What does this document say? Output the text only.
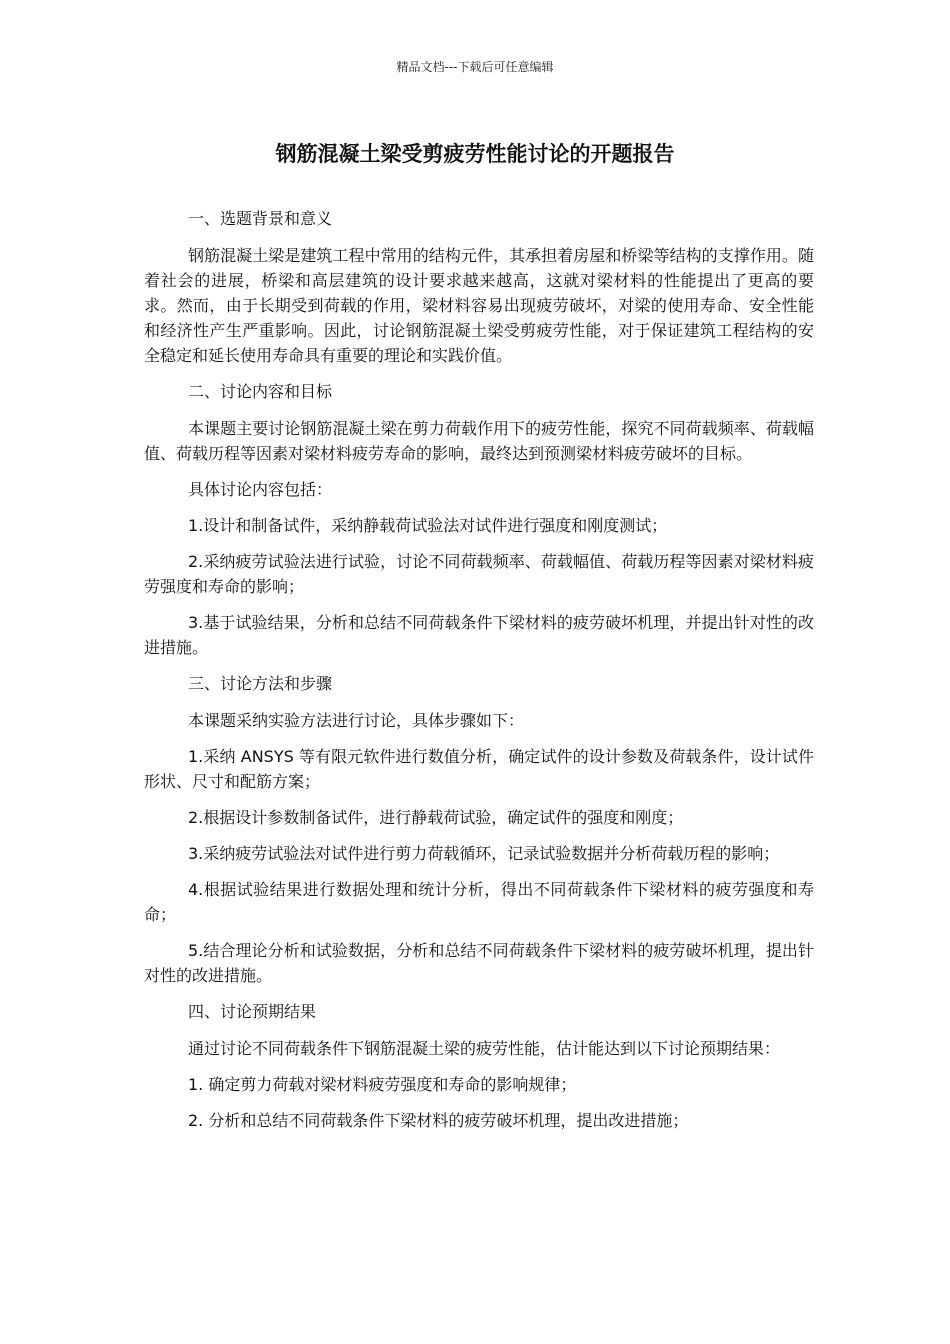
精品文档---下载后可任意编辑
钢筋混凝土梁受剪疲劳性能讨论的开题报告

一、选题背景和意义

钢筋混凝土梁是建筑工程中常用的结构元件，其承担着房屋和桥梁等结构的支撑作用。随着社会的进展，桥梁和高层建筑的设计要求越来越高，这就对梁材料的性能提出了更高的要求。然而，由于长期受到荷载的作用，梁材料容易出现疲劳破坏，对梁的使用寿命、安全性能和经济性产生严重影响。因此，讨论钢筋混凝土梁受剪疲劳性能，对于保证建筑工程结构的安全稳定和延长使用寿命具有重要的理论和实践价值。

二、讨论内容和目标

本课题主要讨论钢筋混凝土梁在剪力荷载作用下的疲劳性能，探究不同荷载频率、荷载幅值、荷载历程等因素对梁材料疲劳寿命的影响，最终达到预测梁材料疲劳破坏的目标。

具体讨论内容包括：

1.设计和制备试件，采纳静载荷试验法对试件进行强度和刚度测试；

2.采纳疲劳试验法进行试验，讨论不同荷载频率、荷载幅值、荷载历程等因素对梁材料疲劳强度和寿命的影响；

3.基于试验结果，分析和总结不同荷载条件下梁材料的疲劳破坏机理，并提出针对性的改进措施。

三、讨论方法和步骤

本课题采纳实验方法进行讨论，具体步骤如下：

1.采纳 ANSYS 等有限元软件进行数值分析，确定试件的设计参数及荷载条件，设计试件形状、尺寸和配筋方案；

2.根据设计参数制备试件，进行静载荷试验，确定试件的强度和刚度；

3.采纳疲劳试验法对试件进行剪力荷载循环，记录试验数据并分析荷载历程的影响；

4.根据试验结果进行数据处理和统计分析，得出不同荷载条件下梁材料的疲劳强度和寿命；

5.结合理论分析和试验数据，分析和总结不同荷载条件下梁材料的疲劳破坏机理，提出针对性的改进措施。

四、讨论预期结果

通过讨论不同荷载条件下钢筋混凝土梁的疲劳性能，估计能达到以下讨论预期结果：

1. 确定剪力荷载对梁材料疲劳强度和寿命的影响规律；

2. 分析和总结不同荷载条件下梁材料的疲劳破坏机理，提出改进措施；
